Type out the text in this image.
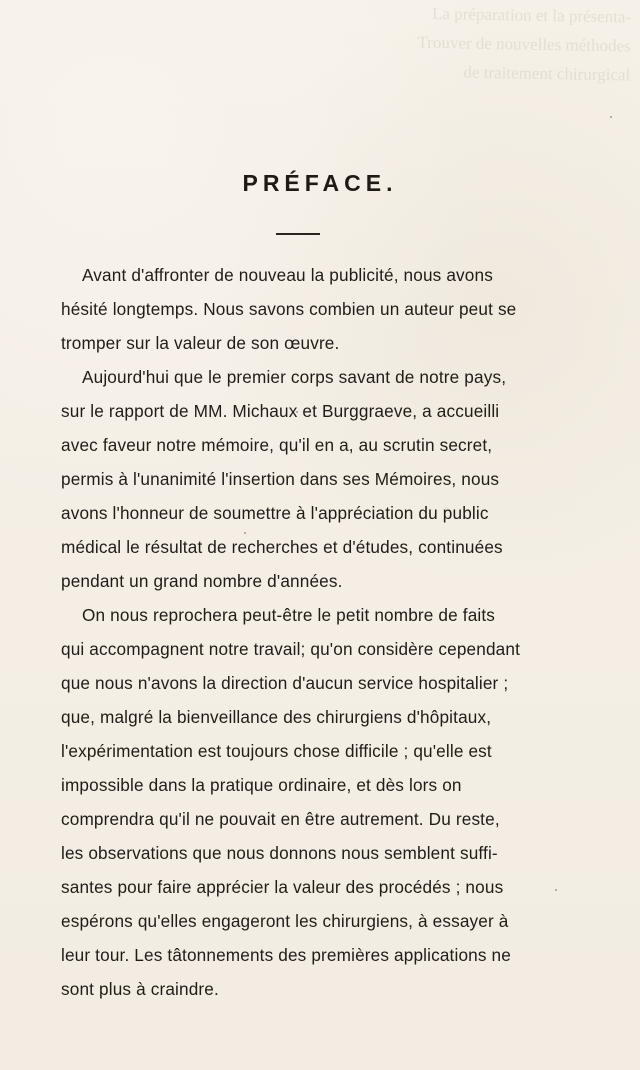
La préparation et la présenta-
Trouver de nouvelles méthodes
de traitement chirurgical
PRÉFACE.

Avant d'affronter de nouveau la publicité, nous avons
hésité longtemps. Nous savons combien un auteur peut se
tromper sur la valeur de son œuvre.

Aujourd'hui que le premier corps savant de notre pays,
sur le rapport de MM. Michaux et Burggraeve, a accueilli
avec faveur notre mémoire, qu'il en a, au scrutin secret,
permis à l'unanimité l'insertion dans ses Mémoires, nous
avons l'honneur de soumettre à l'appréciation du public
médical le résultat de recherches et d'études, continuées
pendant un grand nombre d'années.

On nous reprochera peut-être le petit nombre de faits
qui accompagnent notre travail; qu'on considère cependant
que nous n'avons la direction d'aucun service hospitalier ;
que, malgré la bienveillance des chirurgiens d'hôpitaux,
l'expérimentation est toujours chose difficile ; qu'elle est
impossible dans la pratique ordinaire, et dès lors on
comprendra qu'il ne pouvait en être autrement. Du reste,
les observations que nous donnons nous semblent suffi-
santes pour faire apprécier la valeur des procédés ; nous
espérons qu'elles engageront les chirurgiens, à essayer à
leur tour. Les tâtonnements des premières applications ne
sont plus à craindre.
